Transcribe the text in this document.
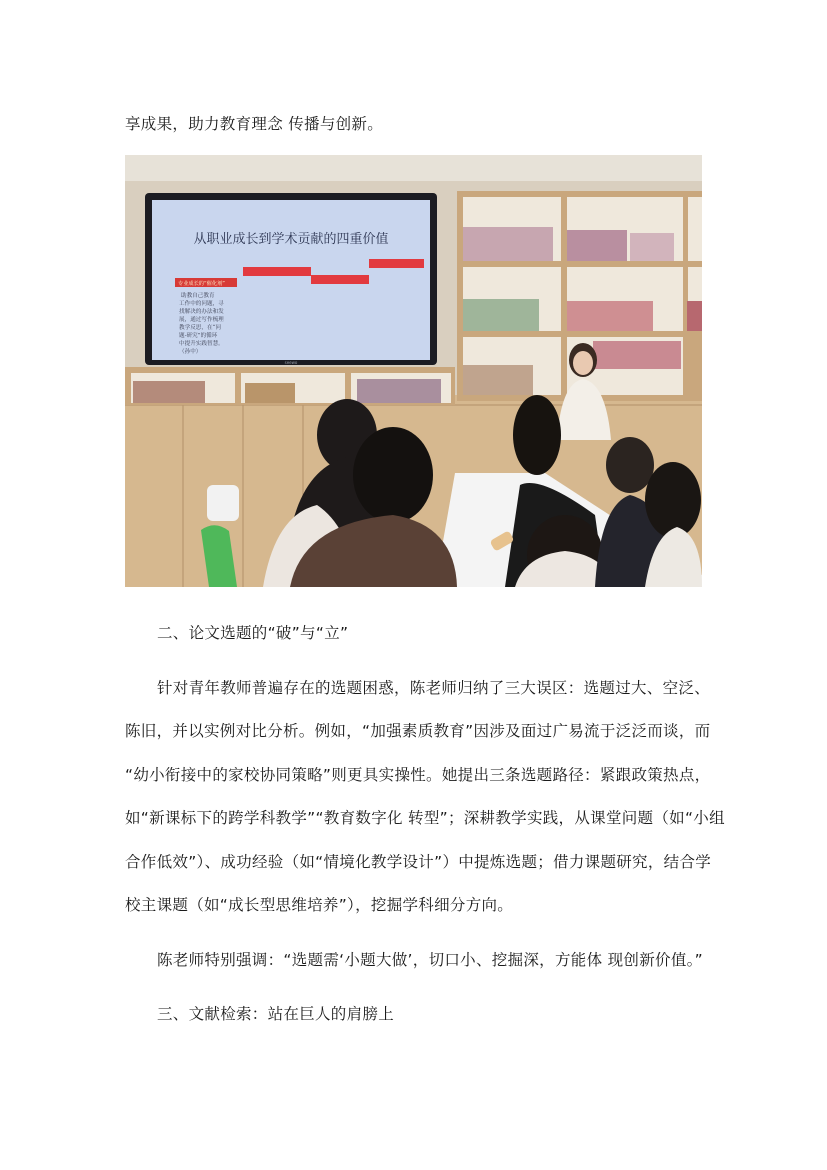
享成果，助力教育理念 传播与创新。
从职业成长到学术贡献的四重价值
专业成长的“催化剂”
助教自己教育
工作中的问题，寻
找解决的办法和发
展，通过写作梳理
教学反思，在“问
题-研究”的循环
中提升实践智慧。
（孙中）
seewo
二、论文选题的“破”与“立”
针对青年教师普遍存在的选题困惑，陈老师归纳了三大误区：选题过大、空泛、
陈旧，并以实例对比分析。例如，“加强素质教育”因涉及面过广易流于泛泛而谈，而
“幼小衔接中的家校协同策略”则更具实操性。她提出三条选题路径：紧跟政策热点，
如“新课标下的跨学科教学”“教育数字化 转型”；深耕教学实践，从课堂问题（如“小组
合作低效”）、成功经验（如“情境化教学设计”）中提炼选题；借力课题研究，结合学
校主课题（如“成长型思维培养”），挖掘学科细分方向。
陈老师特别强调：“选题需‘小题大做’，切口小、挖掘深，方能体 现创新价值。”
三、文献检索：站在巨人的肩膀上
